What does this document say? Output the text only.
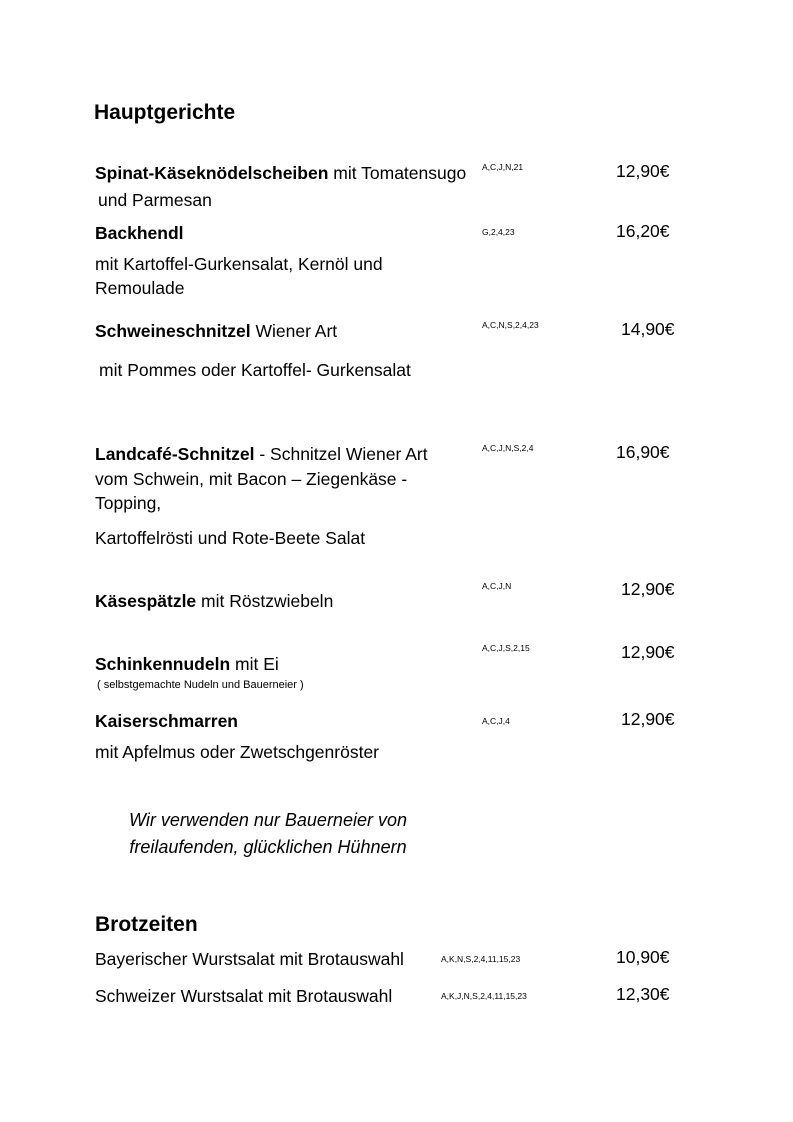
Hauptgerichte
Spinat-Käseknödelscheiben mit Tomatensugo
und Parmesan
A,C,J,N,21	12,90€
Backhendl	G,2,4,23	16,20€
mit Kartoffel-Gurkensalat, Kernöl und
Remoulade
Schweineschnitzel Wiener Art	A,C,N,S,2,4,23	14,90€
mit Pommes oder Kartoffel- Gurkensalat
Landcafé-Schnitzel - Schnitzel Wiener Art
vom Schwein, mit Bacon – Ziegenkäse -
Topping,
Kartoffelrösti und Rote-Beete Salat
A,C,J,N,S,2,4	16,90€
Käsespätzle mit Röstzwiebeln
A,C,J,N	12,90€
Schinkennudeln mit Ei
( selbstgemachte Nudeln und Bauerneier )
A,C,J,S,2,15	12,90€
Kaiserschmarren	A,C,J,4	12,90€
mit Apfelmus oder Zwetschgenröster
Wir verwenden nur Bauerneier von
freilaufenden, glücklichen Hühnern
Brotzeiten
Bayerischer Wurstsalat mit Brotauswahl	A,K,N,S,2,4,11,15,23	10,90€
Schweizer Wurstsalat mit Brotauswahl	A,K,J,N,S,2,4,11,15,23	12,30€
